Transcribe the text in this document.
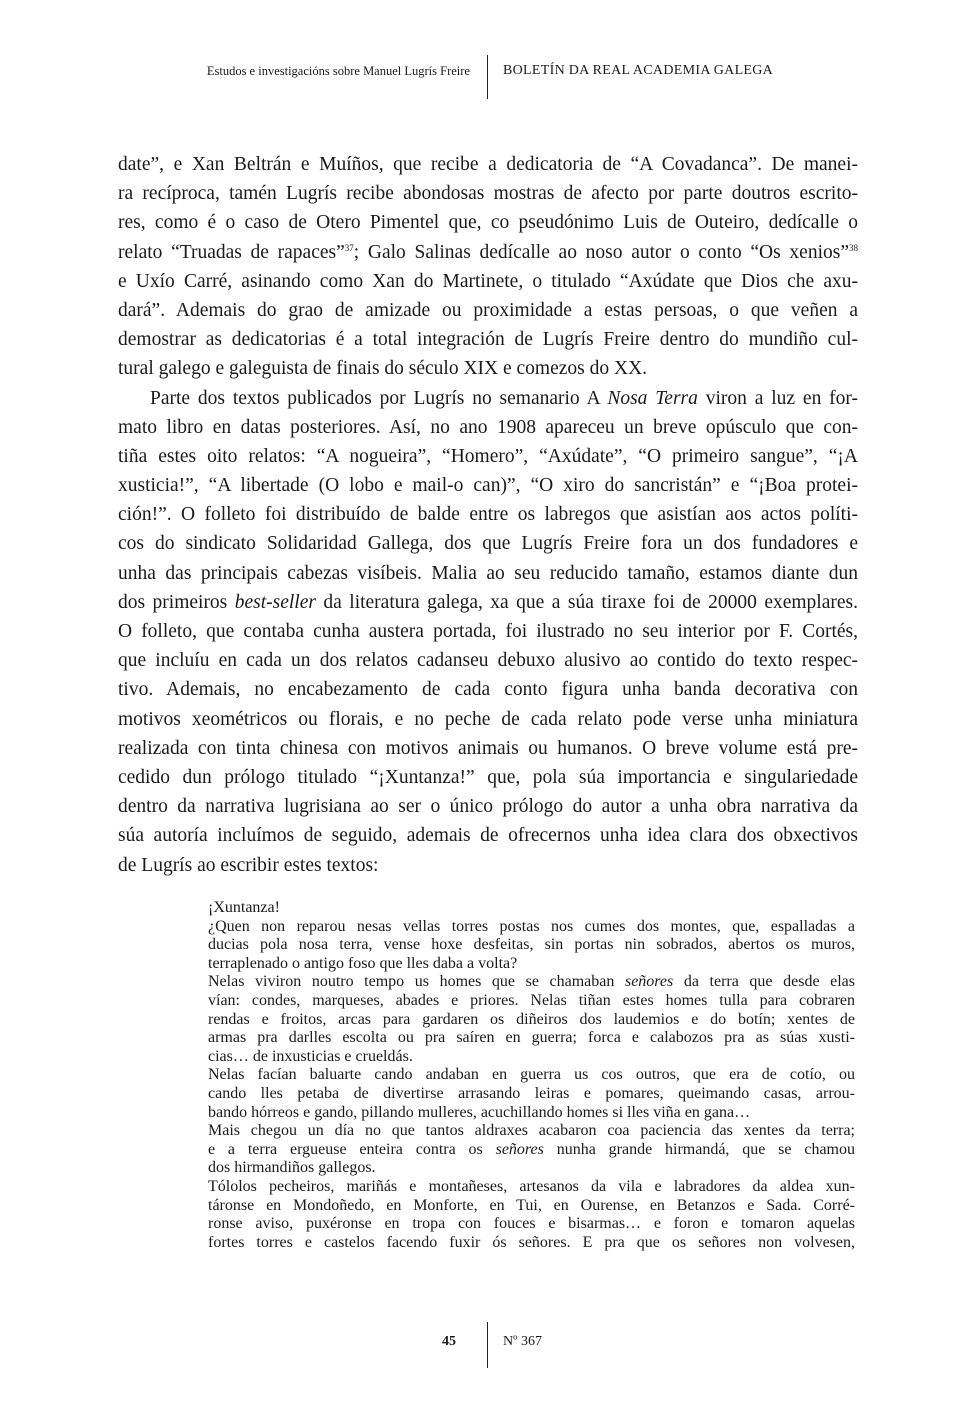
Estudos e investigacións sobre Manuel Lugrís Freire BOLETÍN DA REAL ACADEMIA GALEGA
date”, e Xan Beltrán e Muíños, que recibe a dedicatoria de “A Covadanca”. De manei-
ra recíproca, tamén Lugrís recibe abondosas mostras de afecto por parte doutros escrito-
res, como é o caso de Otero Pimentel que, co pseudónimo Luis de Outeiro, dedícalle o
relato “Truadas de rapaces”$^{37}$; Galo Salinas dedícalle ao noso autor o conto “Os xenios”$^{38}$
e Uxío Carré, asinando como Xan do Martinete, o titulado “Axúdate que Dios che axu-
dará”. Ademais do grao de amizade ou proximidade a estas persoas, o que veñen a
demostrar as dedicatorias é a total integración de Lugrís Freire dentro do mundiño cul-
tural galego e galeguista de finais do século XIX e comezos do XX.
Parte dos textos publicados por Lugrís no semanario A Nosa Terra viron a luz en for-
mato libro en datas posteriores. Así, no ano 1908 apareceu un breve opúsculo que con-
tiña estes oito relatos: “A nogueira”, “Homero”, “Axúdate”, “O primeiro sangue”, “¡A
xusticia!”, “A libertade (O lobo e mail-o can)”, “O xiro do sancristán” e “¡Boa protei-
ción!”. O folleto foi distribuído de balde entre os labregos que asistían aos actos políti-
cos do sindicato Solidaridad Gallega, dos que Lugrís Freire fora un dos fundadores e
unha das principais cabezas visíbeis. Malia ao seu reducido tamaño, estamos diante dun
dos primeiros best-seller da literatura galega, xa que a súa tiraxe foi de 20000 exemplares.
O folleto, que contaba cunha austera portada, foi ilustrado no seu interior por F. Cortés,
que incluíu en cada un dos relatos cadanseu debuxo alusivo ao contido do texto respec-
tivo. Ademais, no encabezamento de cada conto figura unha banda decorativa con
motivos xeométricos ou florais, e no peche de cada relato pode verse unha miniatura
realizada con tinta chinesa con motivos animais ou humanos. O breve volume está pre-
cedido dun prólogo titulado “¡Xuntanza!” que, pola súa importancia e singulariedade
dentro da narrativa lugrisiana ao ser o único prólogo do autor a unha obra narrativa da
súa autoría incluímos de seguido, ademais de ofrecernos unha idea clara dos obxectivos
de Lugrís ao escribir estes textos:
¡Xuntanza!
¿Quen non reparou nesas vellas torres postas nos cumes dos montes, que, espalladas a
ducias pola nosa terra, vense hoxe desfeitas, sin portas nin sobrados, abertos os muros,
terraplenado o antigo foso que lles daba a volta?
Nelas viviron noutro tempo us homes que se chamaban señores da terra que desde elas
vían: condes, marqueses, abades e priores. Nelas tiñan estes homes tulla para cobraren
rendas e froitos, arcas para gardaren os diñeiros dos laudemios e do botín; xentes de
armas pra darlles escolta ou pra saíren en guerra; forca e calabozos pra as súas xusti-
cias… de inxusticias e crueldás.
Nelas facían baluarte cando andaban en guerra us cos outros, que era de cotío, ou
cando lles petaba de divertirse arrasando leiras e pomares, queimando casas, arrou-
bando hórreos e gando, pillando mulleres, acuchillando homes si lles viña en gana…
Mais chegou un día no que tantos aldraxes acabaron coa paciencia das xentes da terra;
e a terra ergueuse enteira contra os señores nunha grande hirmandá, que se chamou
dos hirmandiños gallegos.
Tólolos pecheiros, mariñás e montañeses, artesanos da vila e labradores da aldea xun-
táronse en Mondoñedo, en Monforte, en Tui, en Ourense, en Betanzos e Sada. Corré-
ronse aviso, puxéronse en tropa con fouces e bisarmas… e foron e tomaron aquelas
fortes torres e castelos facendo fuxir ós señores. E pra que os señores non volvesen,
45	Nº 367
